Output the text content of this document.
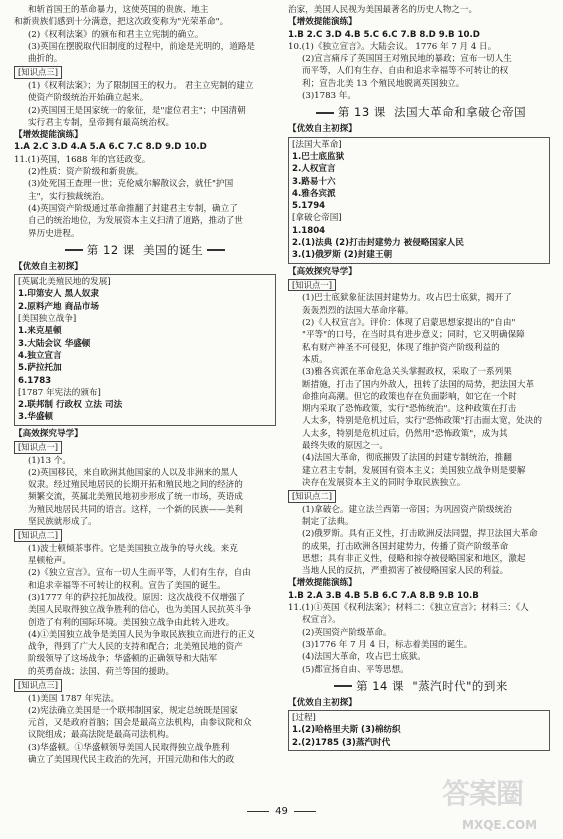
和斩首国王的革命暴力，这使英国的贵族、地主
和新贵族们感到十分满意，把这次政变称为"光荣革命"。
(2)《权利法案》的颁布和君主立宪制的确立。
(3)英国在摆脱取代旧制度的过程中，前途是光明的，道路是
曲折的。
[知识点三]
(1)《权利法案》；为了限制国王的权力。 君主立宪制的建立
使资产阶级统治开始确立起来。
(2)英国国王是国家统一的象征，是"虚位君主"；中国清朝
实行君主专制，皇帝拥有最高统治权。
【增效提能演练】
1.A 2.C 3.D 4.A 5.A 6.C 7.C 8.D 9.D 10.D
11.(1)英国，1688 年的宫廷政变。
(2)性质：资产阶级和新贵族。
(3)处死国王查理一世；克伦威尔解散议会，就任"护国
主"，实行独裁统治。
(4)英国资产阶级通过革命推翻了封建君主专制，确立了
自己的统治地位，为发展资本主义扫清了道路，推动了世
界历史进程。
第 12 课 美国的诞生
【优效自主初探】
[英属北美殖民地的发展]
1.印第安人 黑人奴隶
2.原料产地 商品市场
[美国独立战争]
1.来克星顿
3.大陆会议 华盛顿
4.独立宣言
5.萨拉托加
6.1783
[1787 年宪法的颁布]
2.联邦制 行政权 立法 司法
3.华盛顿
【高效探究导学】
[知识点一]
(1)13 个。
(2)英国移民，来自欧洲其他国家的人以及非洲来的黑人
奴隶。经过殖民地居民的长期开拓和殖民地之间的经济的
频繁交流，英属北美殖民地初步形成了统一市场，英语成
为殖民地居民共同的语言。这样，一个新的民族——美利
坚民族就形成了。
[知识点二]
(1)波士顿倾茶事件。它是美国独立战争的导火线。来克
星顿枪声。
(2)《独立宣言》。宣布一切人生而平等，人们有生存，自由
和追求幸福等不可转让的权利。宣告了美国的诞生。
(3)1777 年的萨拉托加战役。原因：这次战役不仅增强了
美国人民取得独立战争胜利的信心，也为美国人民抗英斗争
创造了有利的国际环境。美国独立战争由此转入进攻。
(4)①美国独立战争是美国人民为争取民族独立而进行的正义
战争，得到了广大人民的支持和配合；北美殖民地的资产
阶级领导了这场战争；华盛顿的正确领导和大陆军
的英勇奋战；法国、荷兰等国的援助。
[知识点三]
(1)美国 1787 年宪法。
(2)宪法确立美国是一个联邦制国家，规定总统既是国家
元首，又是政府首脑；国会是最高立法机构，由参议院和众
议院组成；最高法院是最高司法机构。
(3)华盛顿。①华盛顿领导美国人民取得独立战争胜利
确立了美国现代民主政治的先河，开国元勋和伟大的政
治家，美国人民视为美国最著名的历史人物之一。
【增效提能演练】
1.B 2.C 3.D 4.B 5.C 6.C 7.B 8.D 9.B 10.D
10.(1)《独立宣言》。大陆会议。 1776 年 7 月 4 日。
(2)宣言痛斥了英国国王对殖民地的暴政；宣布一切人生
而平等，人们有生存、自由和追求幸福等不可转让的权
利；宣告北美 13 个殖民地脱离英国独立。
(3)1783 年。
第 13 课 法国大革命和拿破仑帝国
【优效自主初探】
[法国大革命]
1.巴士底监狱
2.人权宣言
3.路易十六
4.雅各宾派
5.1794
[拿破仑帝国]
1.1804
2.(1)法典 (2)打击封建势力 被侵略国家人民
3.(1)俄罗斯 (2)封建王朝
【高效探究导学】
[知识点一]
(1)巴士底狱象征法国封建势力。攻占巴士底狱，揭开了
轰轰烈烈的法国大革命序幕。
(2)《人权宣言》。评价：体现了启蒙思想家提出的"自由"
"平等"的口号，在当时具有进步意义；同时，它又明确保障
私有财产神圣不可侵犯，体现了维护资产阶级利益的
本质。
(3)雅各宾派在革命危急关头掌握政权，采取了一系列果
断措施，打击了国内外敌人，扭转了法国的局势，把法国大革
命推向高潮。但它的政策也存在负面影响，如它在一个时
期内采取了恐怖政策，实行"恐怖统治"。这种政策在打击
人太多，特别是危机过后，实行"恐怖政策"打击面太宽，处决的
人太多，特别是危机过后，仍然用"恐怖政策"，成为其
最终失败的原因之一。
(4)法国大革命，彻底摧毁了法国的封建专制统治，推翻
建立君主专制，发展国有资本主义；美国独立战争则是要解
决存在发展资本主义的同时争取民族独立。
[知识点二]
(1)拿破仑。建立法兰西第一帝国；为巩固资产阶级统治
制定了法典。
(2)俄罗斯。具有正义性，打击欧洲反法同盟，捍卫法国大革命
的成果，打击欧洲各国封建势力，传播了资产阶级革命
思想；具有非正义性，侵略和掠夺被侵略国家和地区，激起
当地人民的反抗，严重损害了被侵略国家人民的利益。
【增效提能演练】
1.B 2.A 3.B 4.B 5.B 6.C 7.A 8.B 9.B 10.B
11.(1)①英国《权利法案》；材料二：《独立宣言》；材料三：《人
权宣言》。
(2)英国资产阶级革命。
(3)1776 年 7 月 4 日，标志着美国的诞生。
(4)法国大革命，攻占巴士底狱。
(5)都宣扬自由、平等思想。
第 14 课 "蒸汽时代"的到来
【优效自主初探】
[过程]
1.(2)哈格里夫斯 (3)棉纺织
2.(2)1785 (3)蒸汽时代
49
答案圈
MXQE.COM
